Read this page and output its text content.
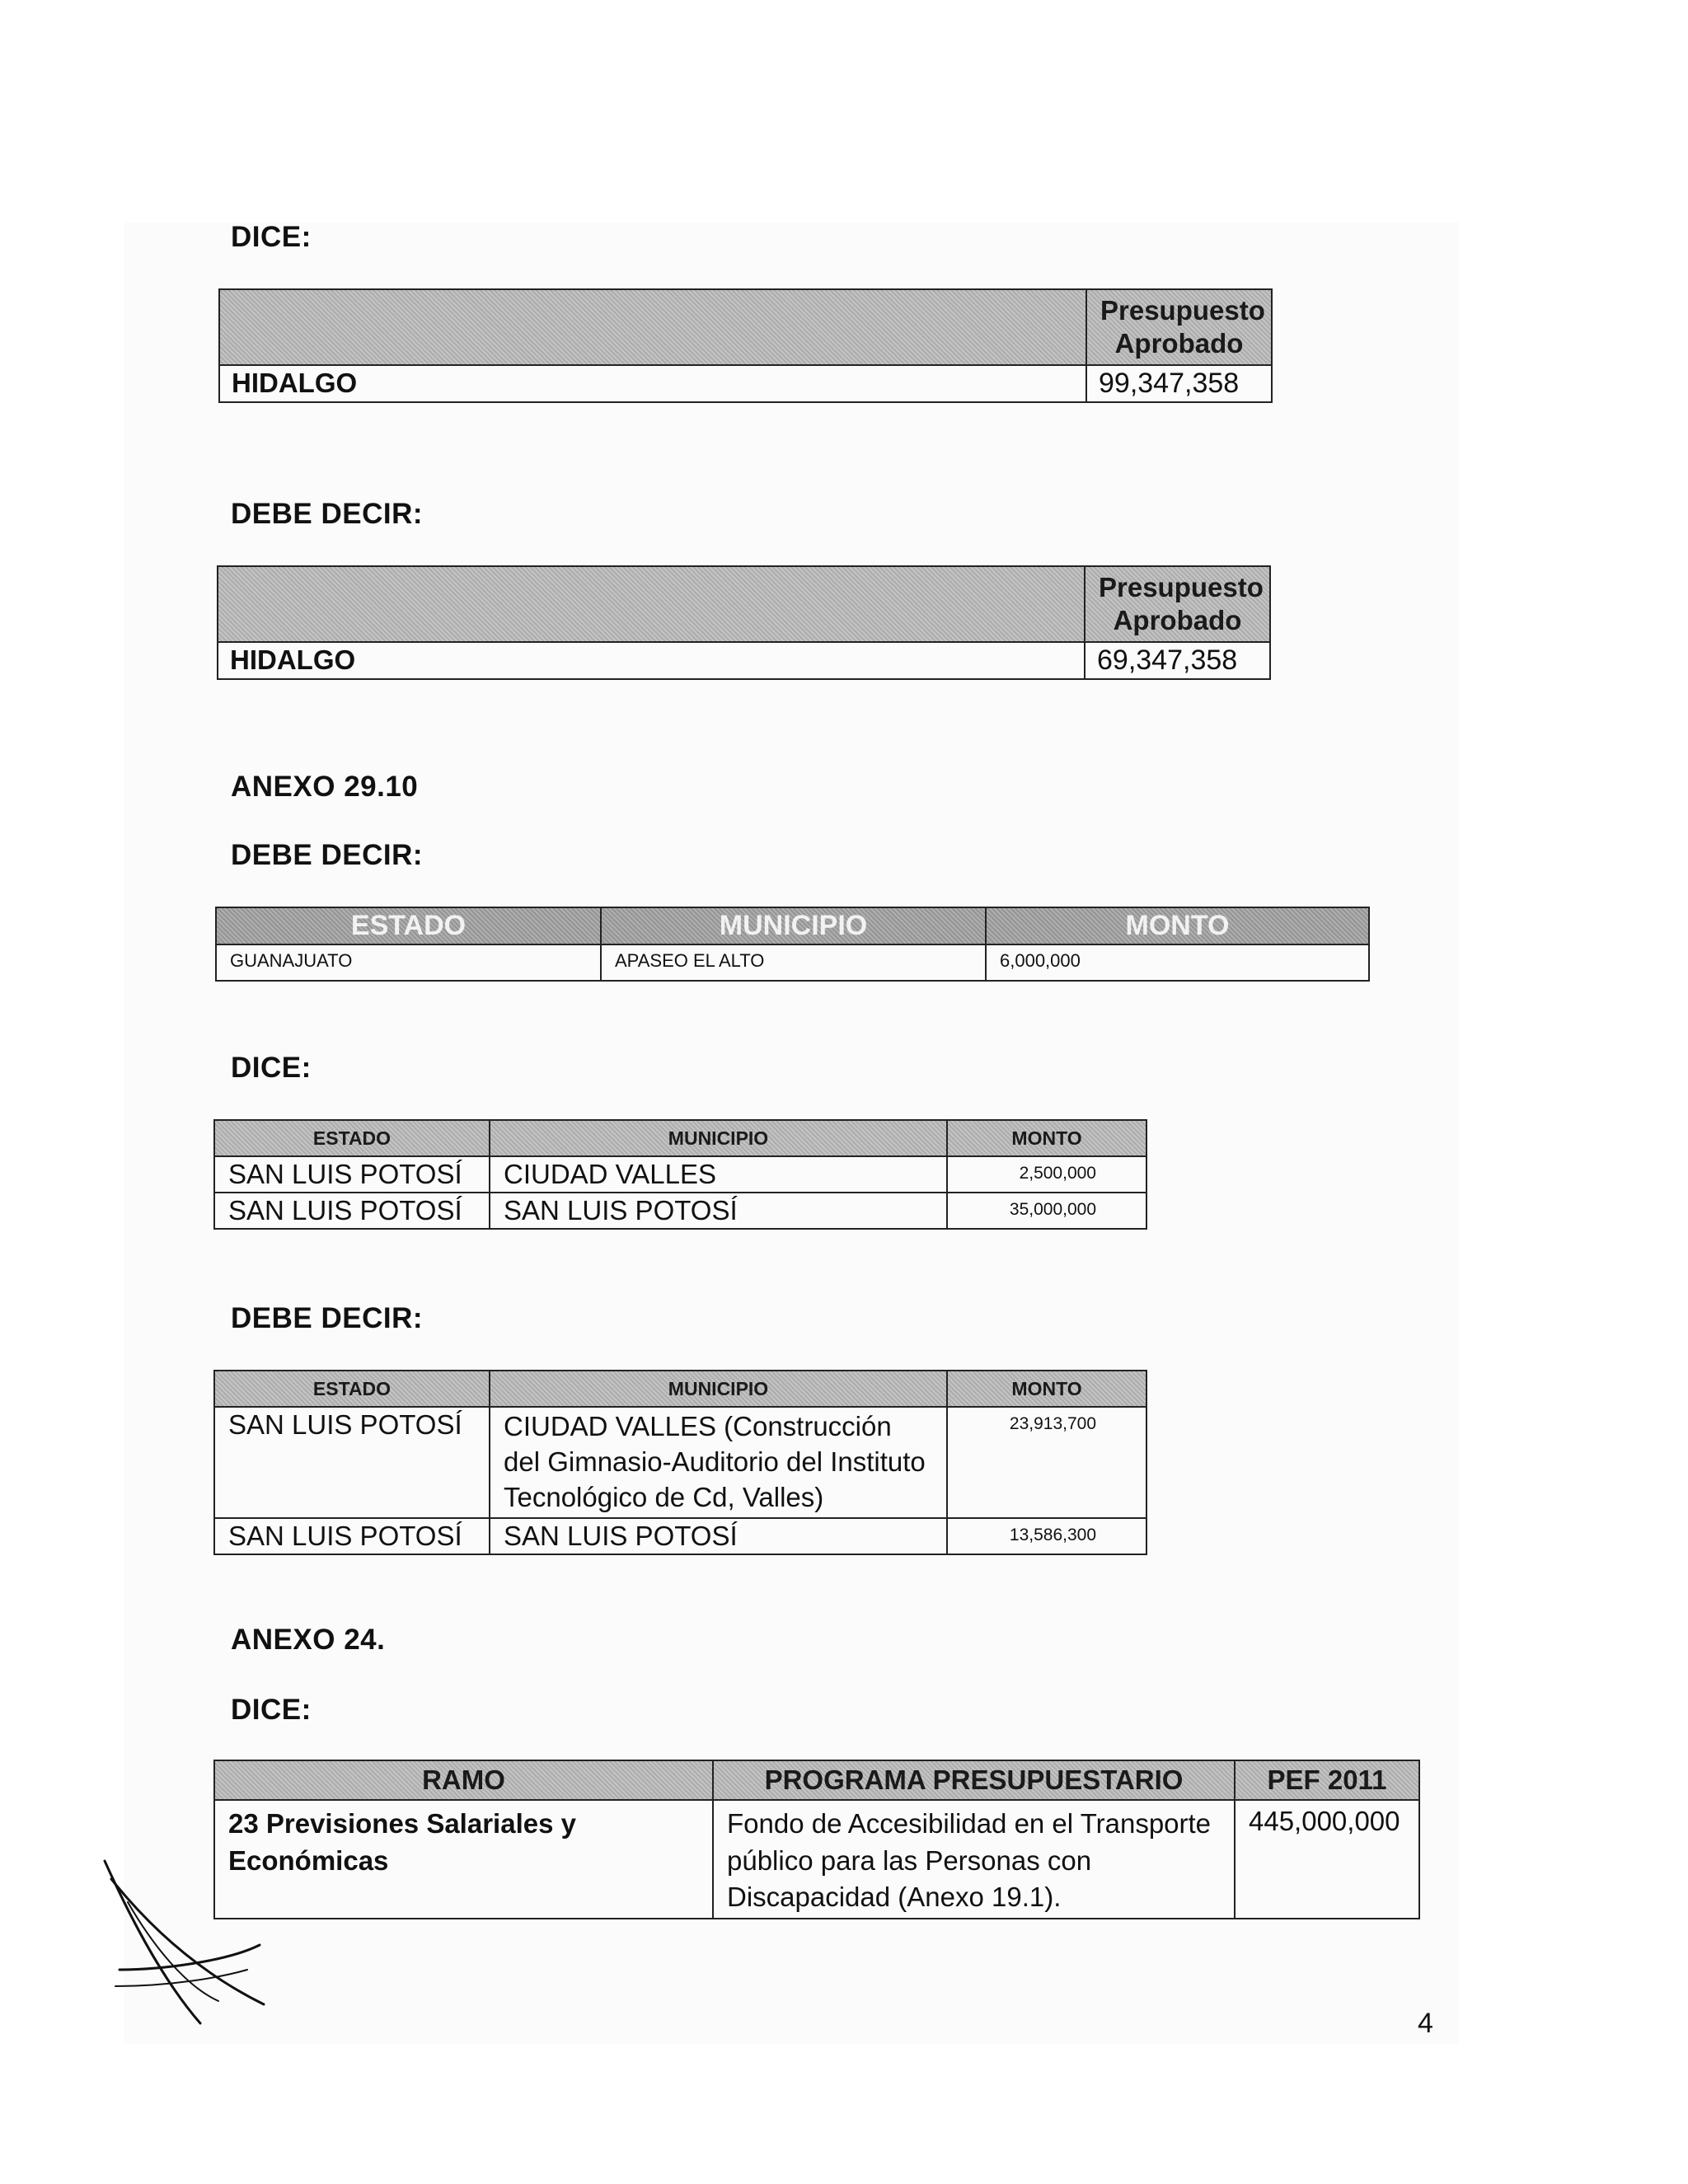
DICE:

	Presupuesto Aprobado
HIDALGO	99,347,358

DEBE DECIR:

	Presupuesto Aprobado
HIDALGO	69,347,358

ANEXO 29.10

DEBE DECIR:

ESTADO	MUNICIPIO	MONTO
GUANAJUATO	APASEO EL ALTO	6,000,000

DICE:

ESTADO	MUNICIPIO	MONTO
SAN LUIS POTOSÍ	CIUDAD VALLES	2,500,000
SAN LUIS POTOSÍ	SAN LUIS POTOSÍ	35,000,000

DEBE DECIR:

ESTADO	MUNICIPIO	MONTO
SAN LUIS POTOSÍ	CIUDAD VALLES (Construcción del Gimnasio-Auditorio del Instituto Tecnológico de Cd, Valles)	23,913,700
SAN LUIS POTOSÍ	SAN LUIS POTOSÍ	13,586,300

ANEXO 24.

DICE:

RAMO	PROGRAMA PRESUPUESTARIO	PEF 2011
23 Previsiones Salariales y Económicas	Fondo de Accesibilidad en el Transporte público para las Personas con Discapacidad (Anexo 19.1).	445,000,000
4
